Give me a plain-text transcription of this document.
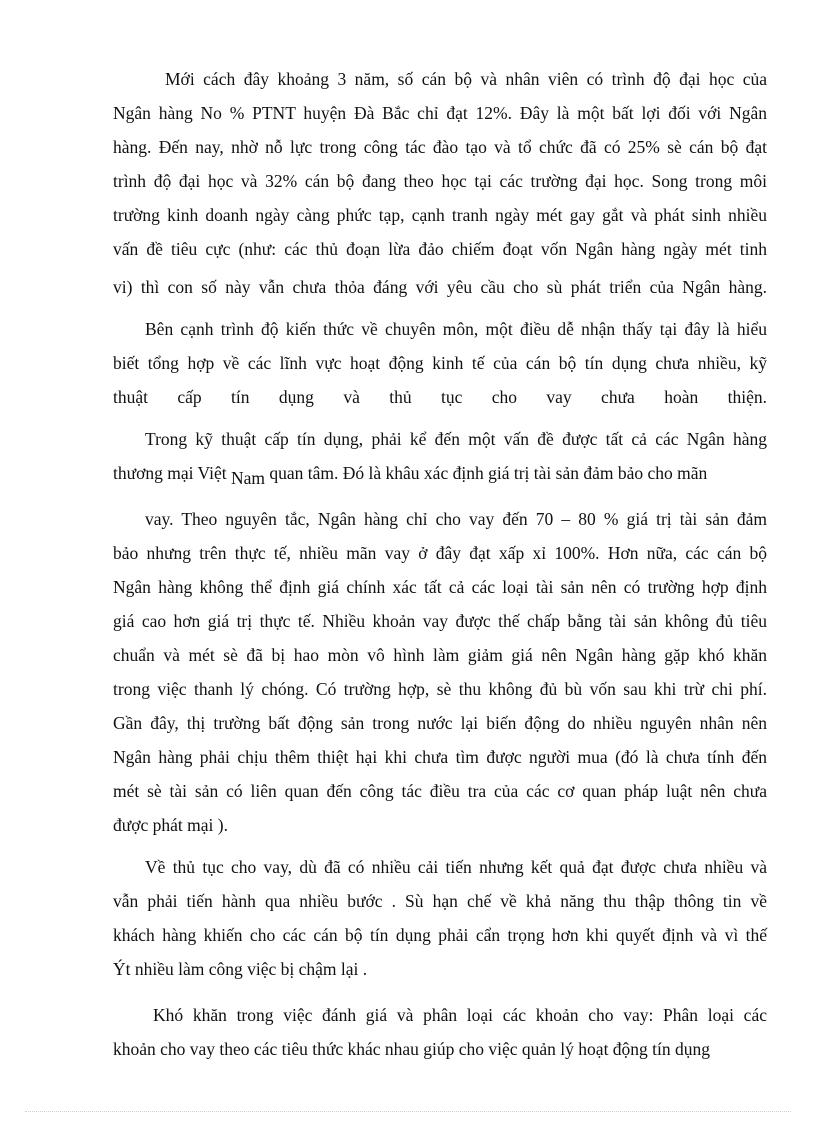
Mới cách đây khoảng 3 năm, số cán bộ và nhân viên có trình độ đại học của
Ngân hàng No % PTNT huyện Đà Bắc chỉ đạt 12%. Đây là một bất lợi đối với Ngân
hàng. Đến nay, nhờ nỗ lực trong công tác đào tạo và tổ chức đã có 25% sè cán bộ đạt
trình độ đại học và 32% cán bộ đang theo học tại các trường đại học. Song trong môi
trường kinh doanh ngày càng phức tạp, cạnh tranh ngày mét gay gắt và phát sinh nhiều
vấn đề tiêu cực (như: các thủ đoạn lừa đảo chiếm đoạt vốn Ngân hàng ngày mét tinh
vi) thì con số này vẫn chưa thỏa đáng với yêu cầu cho sù phát triển của Ngân hàng.
Bên cạnh trình độ kiến thức về chuyên môn, một điều dễ nhận thấy tại đây là hiểu
biết tổng hợp về các lĩnh vực hoạt động kinh tế của cán bộ tín dụng chưa nhiều, kỹ
thuật cấp tín dụng và thủ tục cho vay chưa hoàn thiện.
Trong kỹ thuật cấp tín dụng, phải kể đến một vấn đề được tất cả các Ngân hàng
thương mại Việt Nam quan tâm. Đó là khâu xác định giá trị tài sản đảm bảo cho mãn
vay. Theo nguyên tắc, Ngân hàng chỉ cho vay đến 70 – 80 % giá trị tài sản đảm
bảo nhưng trên thực tế, nhiều mãn vay ở đây đạt xấp xỉ 100%. Hơn nữa, các cán bộ
Ngân hàng không thể định giá chính xác tất cả các loại tài sản nên có trường hợp định
giá cao hơn giá trị thực tế. Nhiều khoản vay được thế chấp bằng tài sản không đủ tiêu
chuẩn và mét sè đã bị hao mòn vô hình làm giảm giá nên Ngân hàng gặp khó khăn
trong việc thanh lý chóng. Có trường hợp, sè thu không đủ bù vốn sau khi trừ chi phí.
Gần đây, thị trường bất động sản trong nước lại biến động do nhiều nguyên nhân nên
Ngân hàng phải chịu thêm thiệt hại khi chưa tìm được người mua (đó là chưa tính đến
mét sè tài sản có liên quan đến công tác điều tra của các cơ quan pháp luật nên chưa
được phát mại ).
Về thủ tục cho vay, dù đã có nhiều cải tiến nhưng kết quả đạt được chưa nhiều và
vẫn phải tiến hành qua nhiều bước . Sù hạn chế về khả năng thu thập thông tin về
khách hàng khiến cho các cán bộ tín dụng phải cẩn trọng hơn khi quyết định và vì thế
Ýt nhiều làm công việc bị chậm lại .
Khó khăn trong việc đánh giá và phân loại các khoản cho vay: Phân loại các
khoản cho vay theo các tiêu thức khác nhau giúp cho việc quản lý hoạt động tín dụng
